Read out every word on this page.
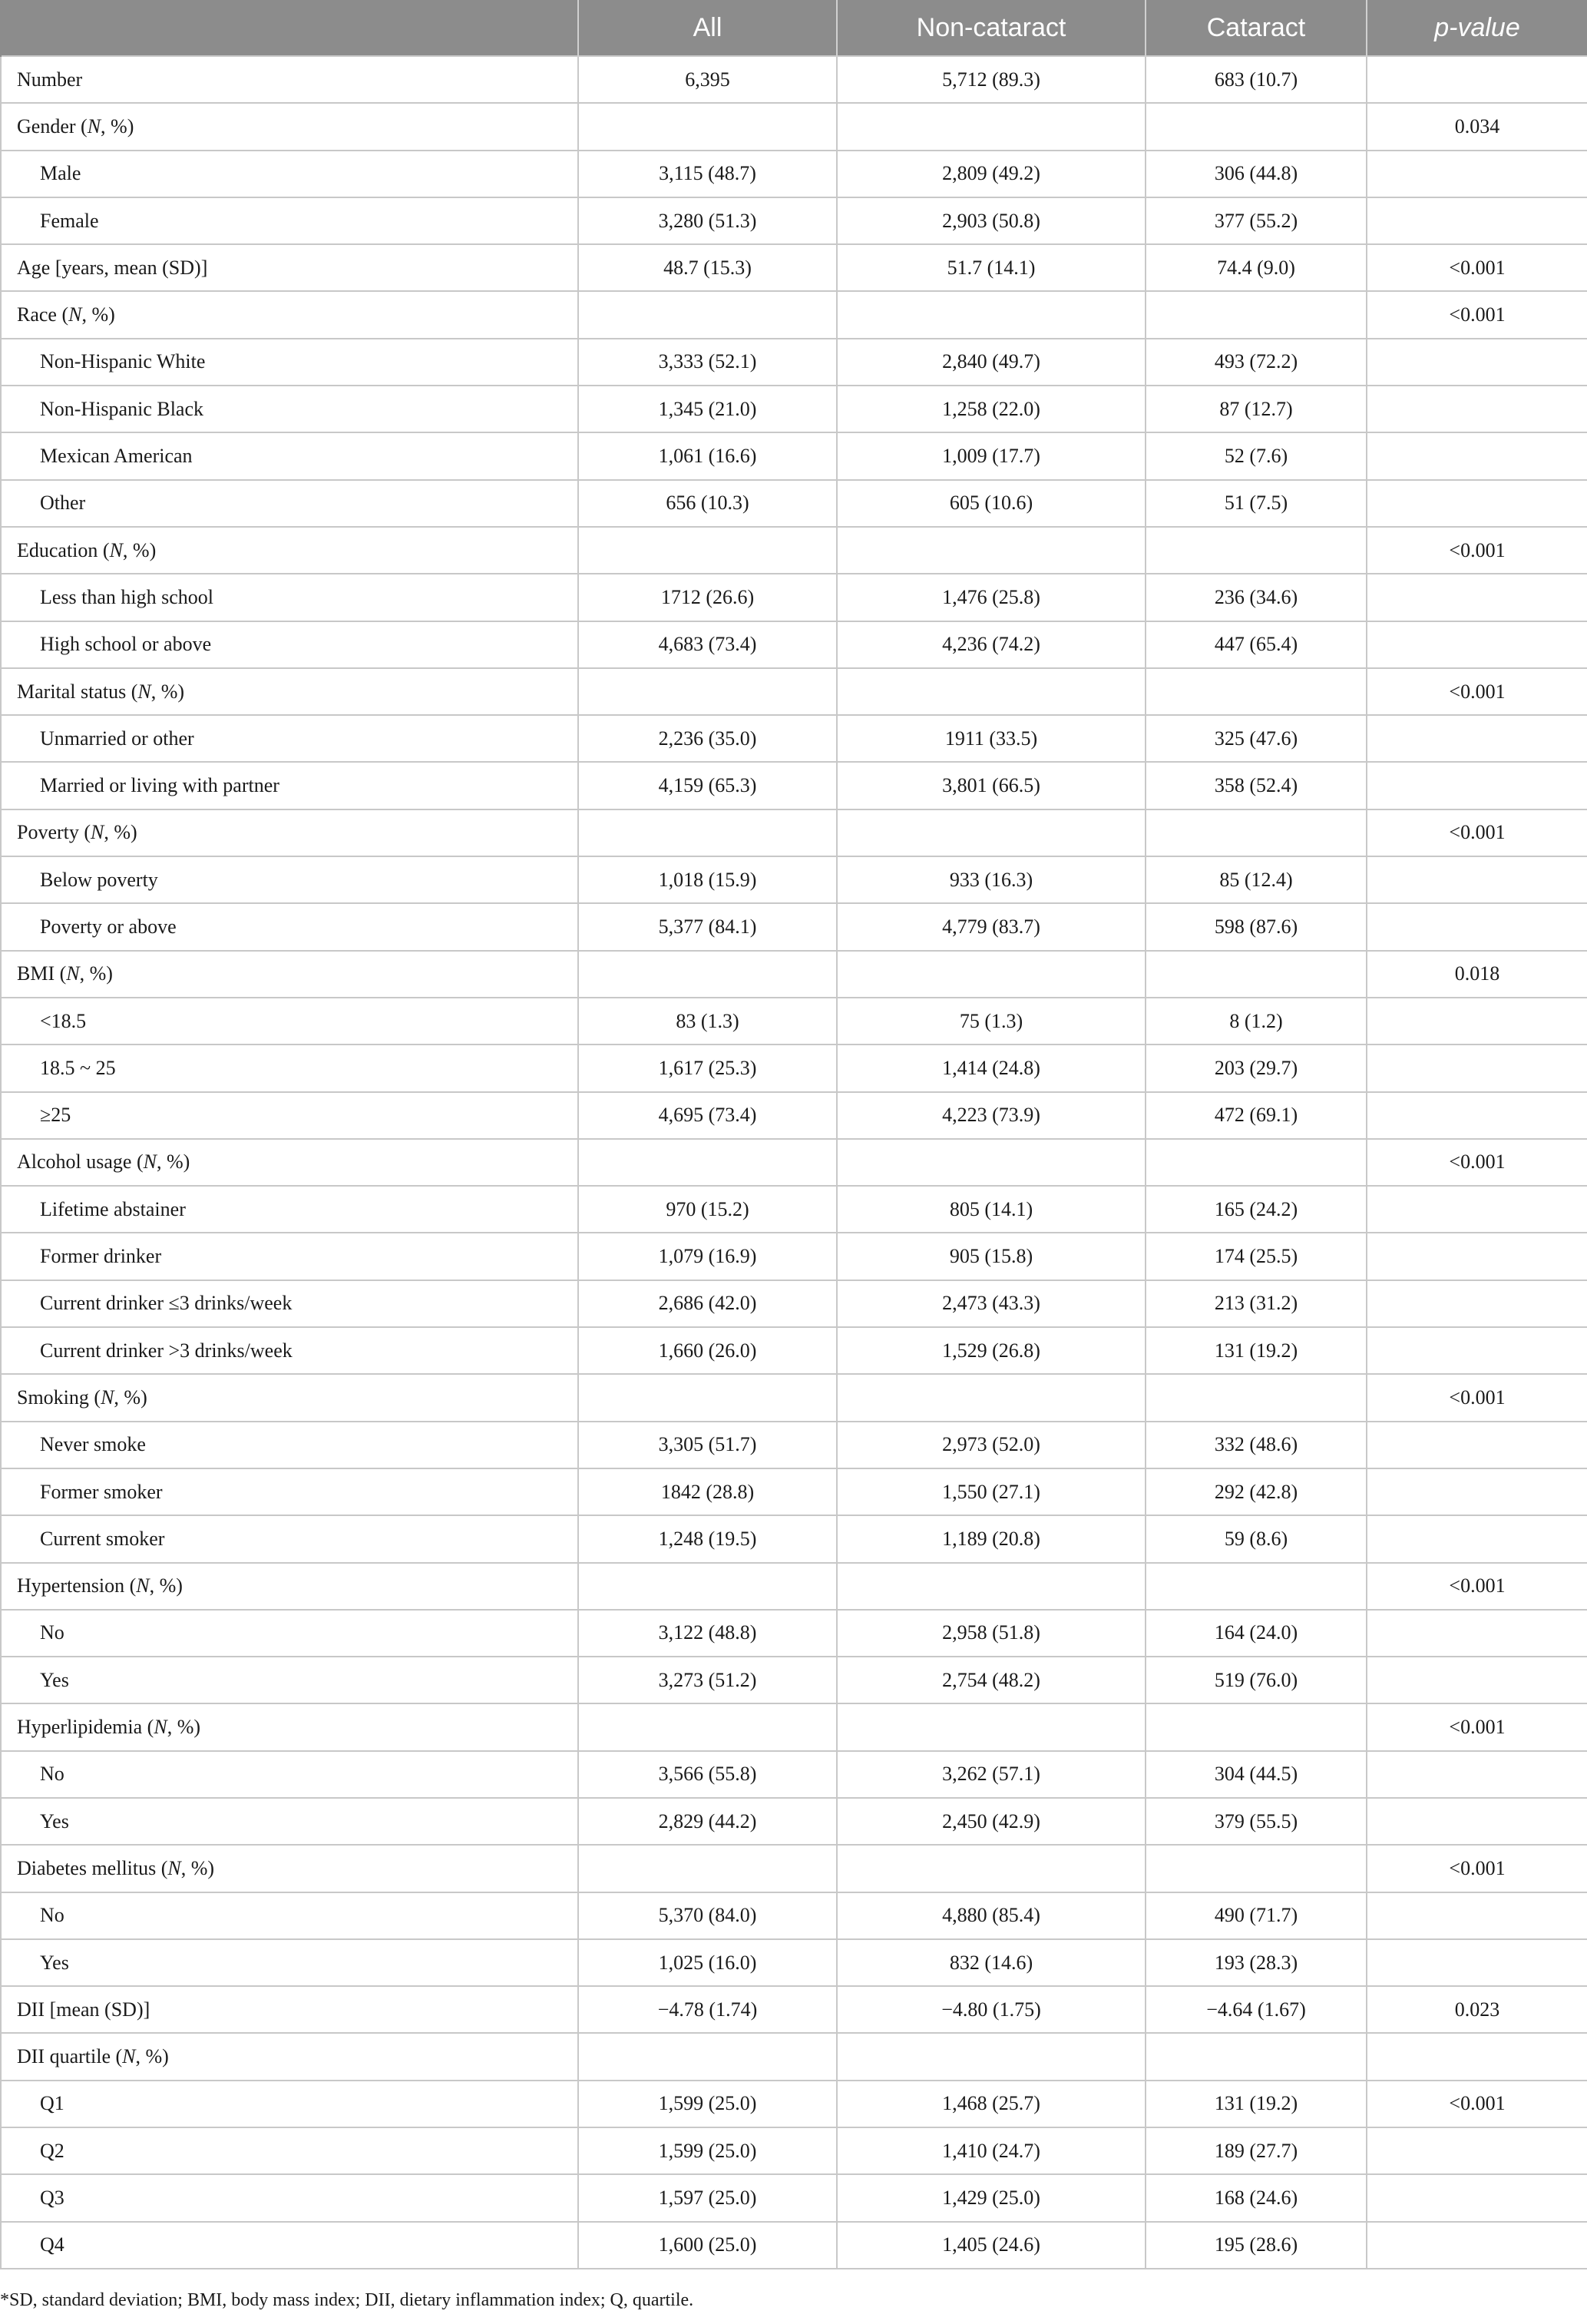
	All	Non-cataract	Cataract	p-value
Number	6,395	5,712 (89.3)	683 (10.7)	
Gender (N, %)				0.034
Male	3,115 (48.7)	2,809 (49.2)	306 (44.8)	
Female	3,280 (51.3)	2,903 (50.8)	377 (55.2)	
Age [years, mean (SD)]	48.7 (15.3)	51.7 (14.1)	74.4 (9.0)	<0.001
Race (N, %)				<0.001
Non-Hispanic White	3,333 (52.1)	2,840 (49.7)	493 (72.2)	
Non-Hispanic Black	1,345 (21.0)	1,258 (22.0)	87 (12.7)	
Mexican American	1,061 (16.6)	1,009 (17.7)	52 (7.6)	
Other	656 (10.3)	605 (10.6)	51 (7.5)	
Education (N, %)				<0.001
Less than high school	1712 (26.6)	1,476 (25.8)	236 (34.6)	
High school or above	4,683 (73.4)	4,236 (74.2)	447 (65.4)	
Marital status (N, %)				<0.001
Unmarried or other	2,236 (35.0)	1911 (33.5)	325 (47.6)	
Married or living with partner	4,159 (65.3)	3,801 (66.5)	358 (52.4)	
Poverty (N, %)				<0.001
Below poverty	1,018 (15.9)	933 (16.3)	85 (12.4)	
Poverty or above	5,377 (84.1)	4,779 (83.7)	598 (87.6)	
BMI (N, %)				0.018
<18.5	83 (1.3)	75 (1.3)	8 (1.2)	
18.5 ~ 25	1,617 (25.3)	1,414 (24.8)	203 (29.7)	
≥25	4,695 (73.4)	4,223 (73.9)	472 (69.1)	
Alcohol usage (N, %)				<0.001
Lifetime abstainer	970 (15.2)	805 (14.1)	165 (24.2)	
Former drinker	1,079 (16.9)	905 (15.8)	174 (25.5)	
Current drinker ≤3 drinks/week	2,686 (42.0)	2,473 (43.3)	213 (31.2)	
Current drinker >3 drinks/week	1,660 (26.0)	1,529 (26.8)	131 (19.2)	
Smoking (N, %)				<0.001
Never smoke	3,305 (51.7)	2,973 (52.0)	332 (48.6)	
Former smoker	1842 (28.8)	1,550 (27.1)	292 (42.8)	
Current smoker	1,248 (19.5)	1,189 (20.8)	59 (8.6)	
Hypertension (N, %)				<0.001
No	3,122 (48.8)	2,958 (51.8)	164 (24.0)	
Yes	3,273 (51.2)	2,754 (48.2)	519 (76.0)	
Hyperlipidemia (N, %)				<0.001
No	3,566 (55.8)	3,262 (57.1)	304 (44.5)	
Yes	2,829 (44.2)	2,450 (42.9)	379 (55.5)	
Diabetes mellitus (N, %)				<0.001
No	5,370 (84.0)	4,880 (85.4)	490 (71.7)	
Yes	1,025 (16.0)	832 (14.6)	193 (28.3)	
DII [mean (SD)]	−4.78 (1.74)	−4.80 (1.75)	−4.64 (1.67)	0.023
DII quartile (N, %)				
Q1	1,599 (25.0)	1,468 (25.7)	131 (19.2)	<0.001
Q2	1,599 (25.0)	1,410 (24.7)	189 (27.7)	
Q3	1,597 (25.0)	1,429 (25.0)	168 (24.6)	
Q4	1,600 (25.0)	1,405 (24.6)	195 (28.6)	
*SD, standard deviation; BMI, body mass index; DII, dietary inflammation index; Q, quartile.
